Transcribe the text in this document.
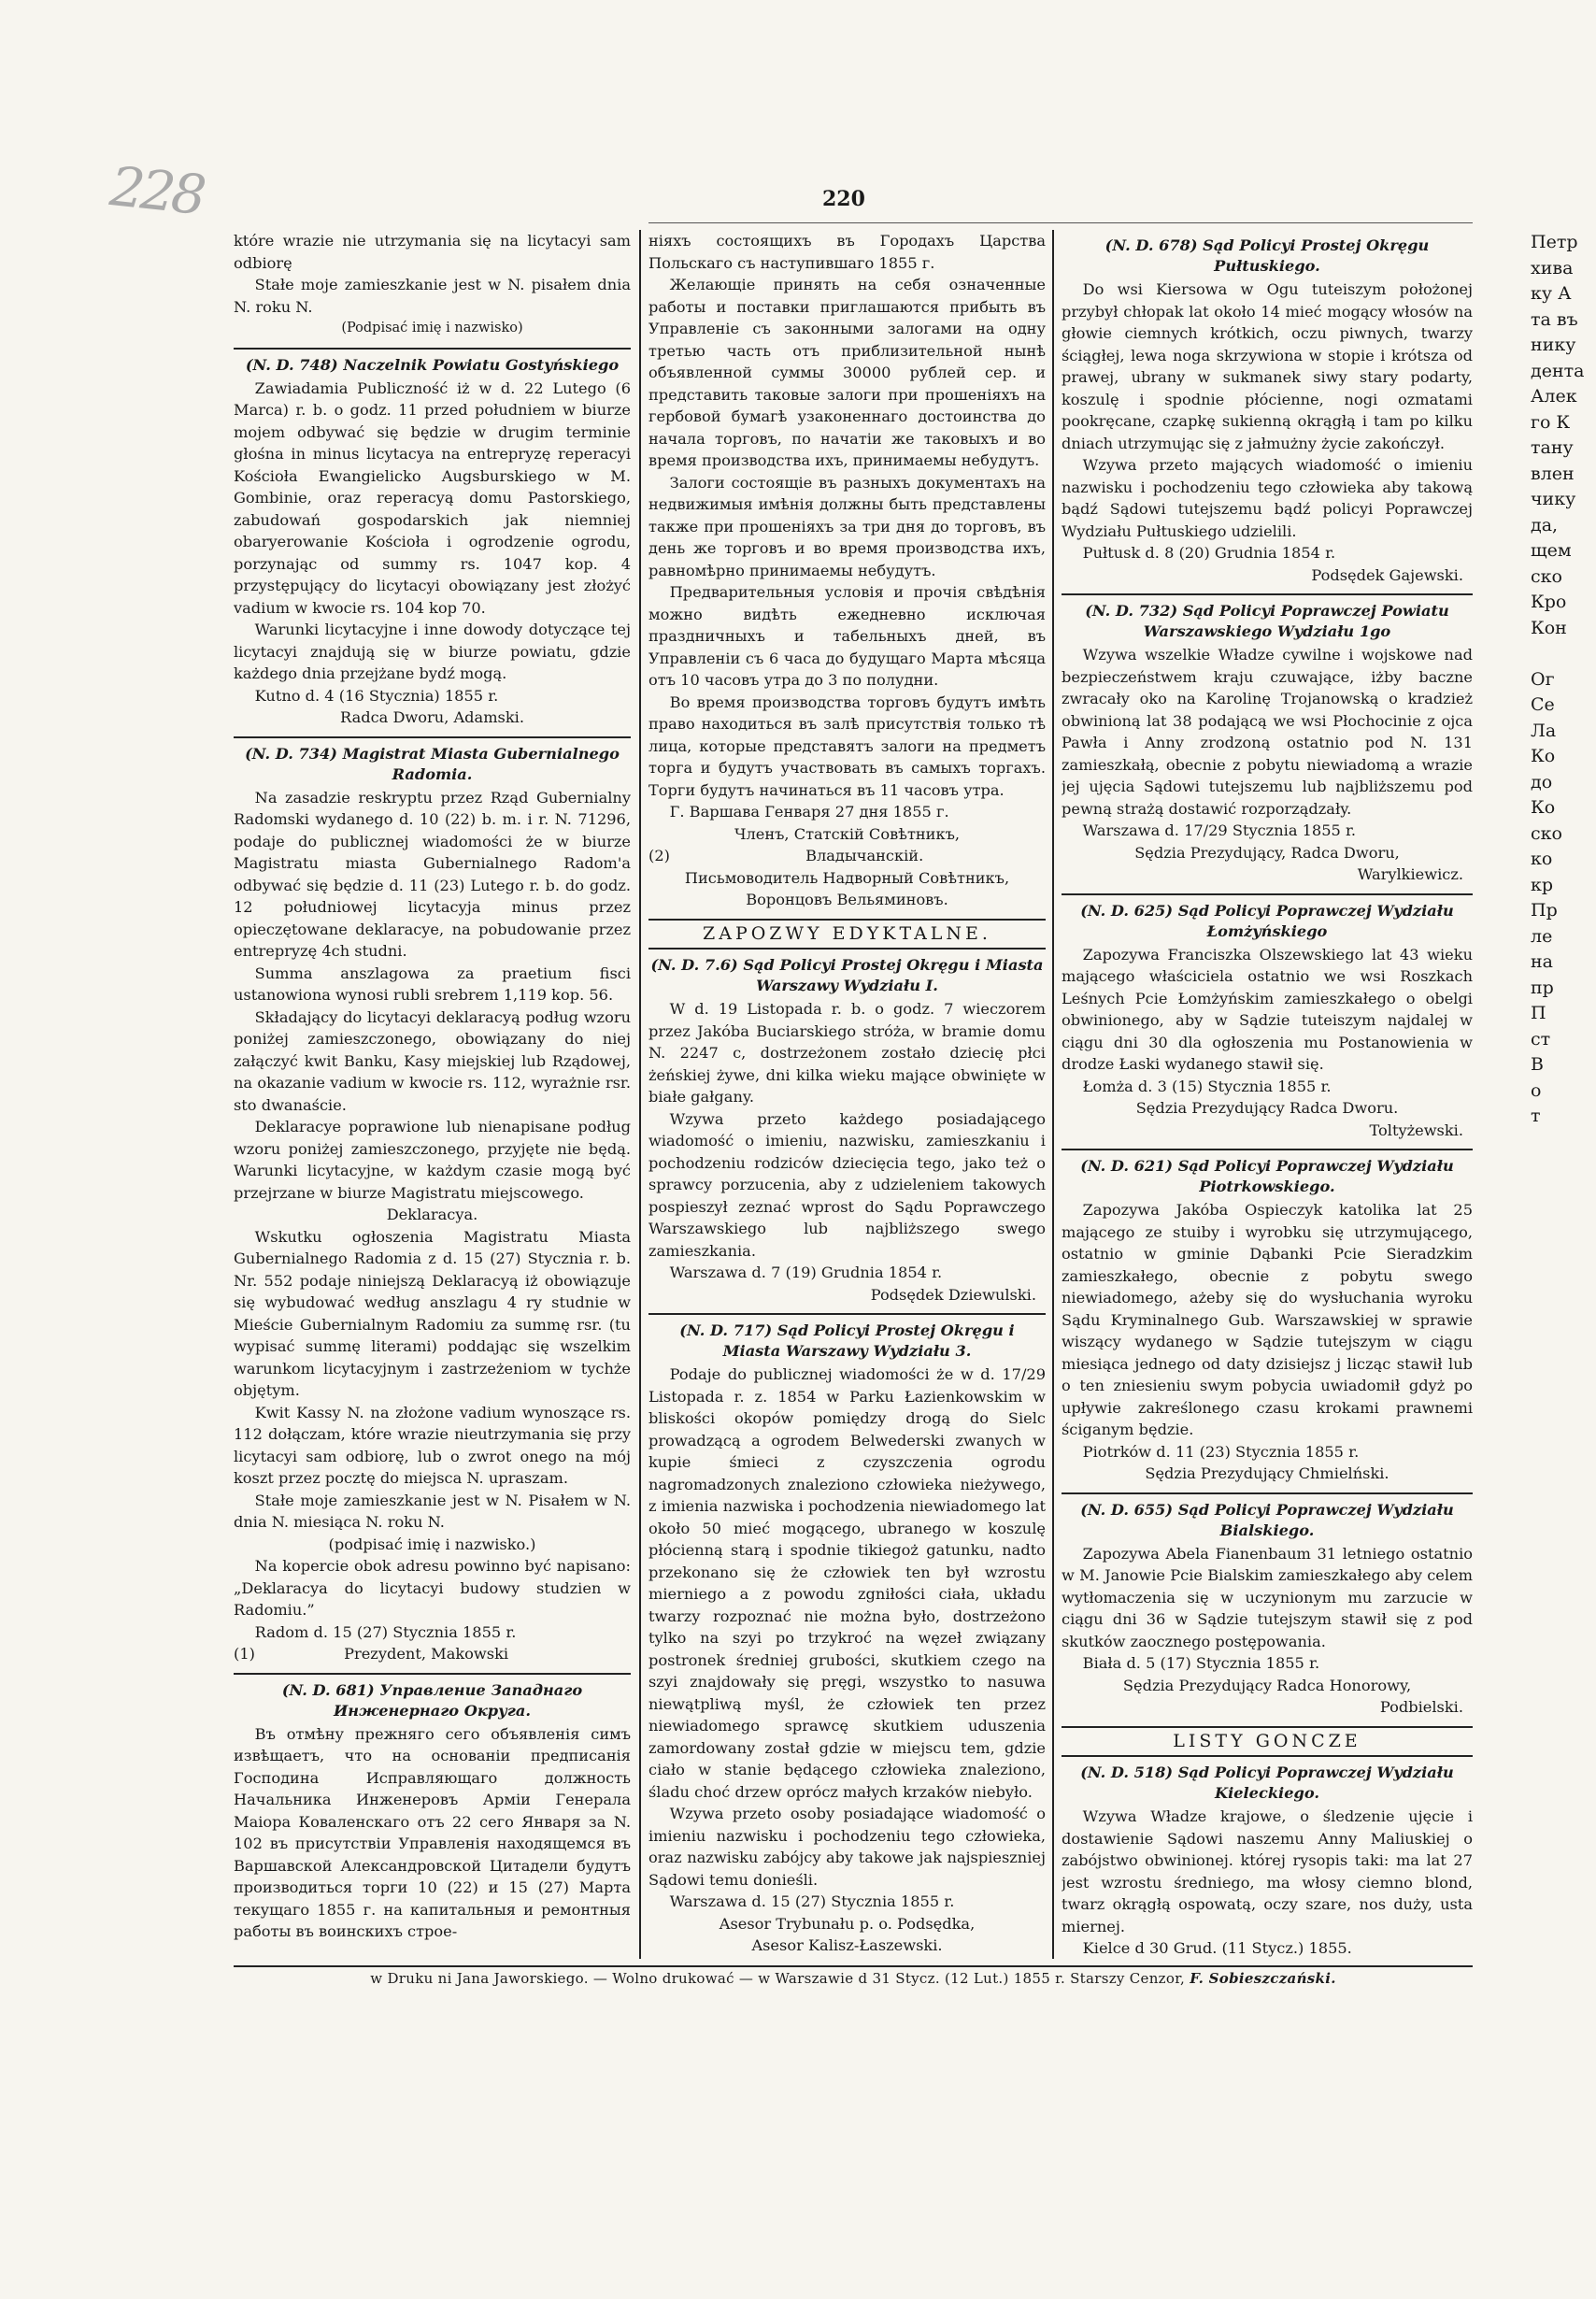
228	220

które wrazie nie utrzymania się na licytacyi sam odbiorę

Stałe moje zamieszkanie jest w N. pisałem dnia N. roku N.

(Podpisać imię i nazwisko)

(N. D. 748) Naczelnik Powiatu Gostyńskiego

Zawiadamia Publiczność iż w d. 22 Lutego (6 Marca) r. b. o godz. 11 przed południem w biurze mojem odbywać się będzie w drugim terminie głośna in minus licytacya na entrepryzę reperacyi Kościoła Ewangielicko Augsburskiego w M. Gombinie, oraz reperacyą domu Pastorskiego, zabudowań gospodarskich jak niemniej obaryerowanie Kościoła i ogrodzenie ogrodu, porzynając od summy rs. 1047 kop. 4 przystępujący do licytacyi obowiązany jest złożyć vadium w kwocie rs. 104 kop 70.

Warunki licytacyjne i inne dowody dotyczące tej licytacyi znajdują się w biurze powiatu, gdzie każdego dnia przejżane bydź mogą.

Kutno d. 4 (16 Stycznia) 1855 r.

Radca Dworu, Adamski.

(N. D. 734) Magistrat Miasta Gubernialnego Radomia.

Na zasadzie reskryptu przez Rząd Gubernialny Radomski wydanego d. 10 (22) b. m. i r. N. 71296, podaje do publicznej wiadomości że w biurze Magistratu miasta Gubernialnego Radom'a odbywać się będzie d. 11 (23) Lutego r. b. do godz. 12 południowej licytacyja minus przez opieczętowane deklaracye, na pobudowanie przez entrepryzę 4ch studni.

Summa anszlagowa za praetium fisci ustanowiona wynosi rubli srebrem 1,119 kop. 56.

Składający do licytacyi deklaracyą podług wzoru poniżej zamieszczonego, obowiązany do niej załączyć kwit Banku, Kasy miejskiej lub Rządowej, na okazanie vadium w kwocie rs. 112, wyrażnie rsr. sto dwanaście.

Deklaracye poprawione lub nienapisane podług wzoru poniżej zamieszczonego, przyjęte nie będą. Warunki licytacyjne, w każdym czasie mogą być przejrzane w biurze Magistratu miejscowego.

Deklaracya.

Wskutku ogłoszenia Magistratu Miasta Gubernialnego Radomia z d. 15 (27) Stycznia r. b. Nr. 552 podaje niniejszą Deklaracyą iż obowiązuje się wybudować według anszlagu 4 ry studnie w Mieście Gubernialnym Radomiu za summę rsr. (tu wypisać summę literami) poddając się wszelkim warunkom licytacyjnym i zastrzeżeniom w tychże objętym.

Kwit Kassy N. na złożone vadium wynoszące rs. 112 dołączam, które wrazie nieutrzymania się przy licytacyi sam odbiorę, lub o zwrot onego na mój koszt przez pocztę do miejsca N. upraszam.

Stałe moje zamieszkanie jest w N. Pisałem w N. dnia N. miesiąca N. roku N.

(podpisać imię i nazwisko.)

Na kopercie obok adresu powinno być napisano: „Deklaracya do licytacyi budowy studzien w Radomiu.”

Radom d. 15 (27) Stycznia 1855 r.

(1)	Prezydent, Makowski

(N. D. 681) Управление Западнаго Инженернаго Округа.

Въ отмѣну прежняго сего объявленія симъ извѣщаетъ, что на основаніи предписанія Господина Исправляющаго должность Начальника Инженеровъ Арміи Генерала Маіора Коваленскаго отъ 22 сего Января за N. 102 въ присутствіи Управленія находящемся въ Варшавской Александровской Цитадели будутъ производиться торги 10 (22) и 15 (27) Марта текущаго 1855 г. на капитальныя и ремонтныя работы въ воинскихъ строе-

ніяхъ состоящихъ въ Городахъ Царства Польскаго съ наступившаго 1855 г.

Желающіе принять на себя означенные работы и поставки приглашаются прибыть въ Управленіе съ законными залогами на одну третью часть отъ приблизительной нынѣ объявленной суммы 30000 рублей сер. и представить таковые залоги при прошеніяхъ на гербовой бумагѣ узаконеннаго достоинства до начала торговъ, по начатіи же таковыхъ и во время производства ихъ, принимаемы небудутъ.

Залоги состоящіе въ разныхъ документахъ на недвижимыя имѣнія должны быть представлены также при прошеніяхъ за три дня до торговъ, въ день же торговъ и во время производства ихъ, равномѣрно принимаемы небудутъ.

Предварительныя условія и прочія свѣдѣнія можно видѣть ежедневно исключая праздничныхъ и табельныхъ дней, въ Управленіи съ 6 часа до будущаго Марта мѣсяца отъ 10 часовъ утра до 3 по полудни.

Во время производства торговъ будутъ имѣть право находиться въ залѣ присутствія только тѣ лица, которые представятъ залоги на предметъ торга и будутъ участвовать въ самыхъ торгахъ. Торги будутъ начинаться въ 11 часовъ утра.

Г. Варшава Генваря 27 дня 1855 г.

Членъ, Статскій Совѣтникъ,

(2)	Владычанскій.

Письмоводитель Надворный Совѣтникъ,

Воронцовъ Вельяминовъ.

ZAPOZWY EDYKTALNE.

(N. D. 7.6) Sąd Policyi Prostej Okręgu i Miasta Warszawy Wydziału I.

W d. 19 Listopada r. b. o godz. 7 wieczorem przez Jakóba Buciarskiego stróża, w bramie domu N. 2247 c, dostrzeżonem zostało dziecię płci żeńskiej żywe, dni kilka wieku mające obwinięte w białe gałgany.

Wzywa przeto każdego posiadającego wiadomość o imieniu, nazwisku, zamieszkaniu i pochodzeniu rodziców dziecięcia tego, jako też o sprawcy porzucenia, aby z udzieleniem takowych pospieszył zeznać wprost do Sądu Poprawczego Warszawskiego lub najbliższego swego zamieszkania.

Warszawa d. 7 (19) Grudnia 1854 r.

Podsędek Dziewulski.

(N. D. 717) Sąd Policyi Prostej Okręgu i Miasta Warszawy Wydziału 3.

Podaje do publicznej wiadomości że w d. 17/29 Listopada r. z. 1854 w Parku Łazienkowskim w bliskości okopów pomiędzy drogą do Sielc prowadzącą a ogrodem Belwederski zwanych w kupie śmieci z czyszczenia ogrodu nagromadzonych znaleziono człowieka nieżywego, z imienia nazwiska i pochodzenia niewiadomego lat około 50 mieć mogącego, ubranego w koszulę płócienną starą i spodnie tikiegoż gatunku, nadto przekonano się że człowiek ten był wzrostu mierniego a z powodu zgniłości ciała, układu twarzy rozpoznać nie można było, dostrzeżono tylko na szyi po trzykroć na węzeł związany postronek średniej grubości, skutkiem czego na szyi znajdowały się pręgi, wszystko to nasuwa niewątpliwą myśl, że człowiek ten przez niewiadomego sprawcę skutkiem uduszenia zamordowany został gdzie w miejscu tem, gdzie ciało w stanie będącego człowieka znaleziono, śladu choć drzew oprócz małych krzaków niebyło.

Wzywa przeto osoby posiadające wiadomość o imieniu nazwisku i pochodzeniu tego człowieka, oraz nazwisku zabójcy aby takowe jak najspieszniej Sądowi temu donieśli.

Warszawa d. 15 (27) Stycznia 1855 r.

Asesor Trybunału p. o. Podsędka,

Asesor Kalisz-Łaszewski.

(N. D. 678) Sąd Policyi Prostej Okręgu Pułtuskiego.

Do wsi Kiersowa w Ogu tuteiszym położonej przybył chłopak lat około 14 mieć mogący włosów na głowie ciemnych krótkich, oczu piwnych, twarzy ściągłej, lewa noga skrzywiona w stopie i krótsza od prawej, ubrany w sukmanek siwy stary podarty, koszulę i spodnie płócienne, nogi ozmatami pookręcane, czapkę sukienną okrągłą i tam po kilku dniach utrzymując się z jałmużny życie zakończył.

Wzywa przeto mających wiadomość o imieniu nazwisku i pochodzeniu tego człowieka aby takową bądź Sądowi tutejszemu bądź policyi Poprawczej Wydziału Pułtuskiego udzielili.

Pułtusk d. 8 (20) Grudnia 1854 r.

Podsędek Gajewski.

(N. D. 732) Sąd Policyi Poprawczej Powiatu Warszawskiego Wydziału 1go

Wzywa wszelkie Władze cywilne i wojskowe nad bezpieczeństwem kraju czuwające, iżby baczne zwracały oko na Karolinę Trojanowską o kradzież obwinioną lat 38 podającą we wsi Płochocinie z ojca Pawła i Anny zrodzoną ostatnio pod N. 131 zamieszkałą, obecnie z pobytu niewiadomą a wrazie jej ujęcia Sądowi tutejszemu lub najbliższemu pod pewną strażą dostawić rozporządzały.

Warszawa d. 17/29 Stycznia 1855 r.

Sędzia Prezydujący, Radca Dworu,

Warylkiewicz.

(N. D. 625) Sąd Policyi Poprawczej Wydziału Łomżyńskiego

Zapozywa Franciszka Olszewskiego lat 43 wieku mającego właściciela ostatnio we wsi Roszkach Leśnych Pcie Łomżyńskim zamieszkałego o obelgi obwinionego, aby w Sądzie tuteiszym najdalej w ciągu dni 30 dla ogłoszenia mu Postanowienia w drodze Łaski wydanego stawił się.

Łomża d. 3 (15) Stycznia 1855 r.

Sędzia Prezydujący Radca Dworu.

Toltyżewski.

(N. D. 621) Sąd Policyi Poprawczej Wydziału Piotrkowskiego.

Zapozywa Jakóba Ospieczyk katolika lat 25 mającego ze stuiby i wyrobku się utrzymującego, ostatnio w gminie Dąbanki Pcie Sieradzkim zamieszkałego, obecnie z pobytu swego niewiadomego, ażeby się do wysłuchania wyroku Sądu Kryminalnego Gub. Warszawskiej w sprawie wiszący wydanego w Sądzie tutejszym w ciągu miesiąca jednego od daty dzisiejsz j licząc stawił lub o ten zniesieniu swym pobycia uwiadomił gdyż po upływie zakreślonego czasu krokami prawnemi ściganym będzie.

Piotrków d. 11 (23) Stycznia 1855 r.

Sędzia Prezydujący Chmielński.

(N. D. 655) Sąd Policyi Poprawczej Wydziału Bialskiego.

Zapozywa Abela Fianenbaum 31 letniego ostatnio w M. Janowie Pcie Bialskim zamieszkałego aby celem wytłomaczenia się w uczynionym mu zarzucie w ciągu dni 36 w Sądzie tutejszym stawił się z pod skutków zaocznego postępowania.

Biała d. 5 (17) Stycznia 1855 r.

Sędzia Prezydujący Radca Honorowy,

Podbielski.

LISTY GONCZE

(N. D. 518) Sąd Policyi Poprawczej Wydziału Kieleckiego.

Wzywa Władze krajowe, o śledzenie ujęcie i dostawienie Sądowi naszemu Anny Maliuskiej o zabójstwo obwinionej. której rysopis taki: ma lat 27 jest wzrostu średniego, ma włosy ciemno blond, twarz okrągłą ospowatą, oczy szare, nos duży, usta miernej.

Kielce d 30 Grud. (11 Stycz.) 1855.

w Druku ni Jana Jaworskiego. — Wolno drukować — w Warszawie d 31 Stycz. (12 Lut.) 1855 r. Starszy Cenzor, F. Sobieszczański.
Петр
хива
ку А
та въ
нику
дента
Алек
го К
тану
влен
чику
да,
щем
ско
Кро
Кон

Ог
Се
Ла
Ко
до
Ко
ско
ко
кр
Пр
ле
на
пр
П
ст
В
о
т
